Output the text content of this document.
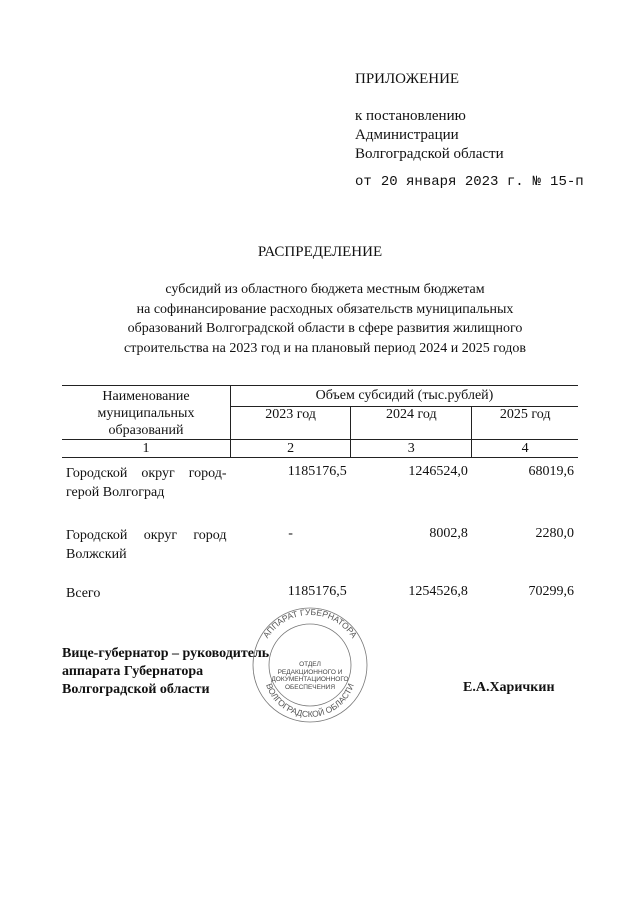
ПРИЛОЖЕНИЕ
к постановлению
Администрации
Волгоградской области
от 20 января 2023 г. № 15-п
РАСПРЕДЕЛЕНИЕ
субсидий из областного бюджета местным бюджетам
на софинансирование расходных обязательств муниципальных
образований Волгоградской области в сфере развития жилищного
строительства на 2023 год и на плановый период 2024 и 2025 годов
Наименование муниципальных образований	Объем субсидий (тыс.рублей)		
	2023 год	2024 год	2025 год
1	2	3	4
Городской округ город-герой Волгоград	1185176,5	1246524,0	68019,6
Городской округ город Волжский	-	8002,8	2280,0
Всего	1185176,5	1254526,8	70299,6
АППАРАТ ГУБЕРНАТОРА
ВОЛГОГРАДСКОЙ ОБЛАСТИ
ОТДЕЛ РЕДАКЦИОННОГО И ДОКУМЕНТАЦИОННОГО ОБЕСПЕЧЕНИЯ
Вице-губернатор – руководитель
аппарата Губернатора
Волгоградской области	Е.А.Харичкин
